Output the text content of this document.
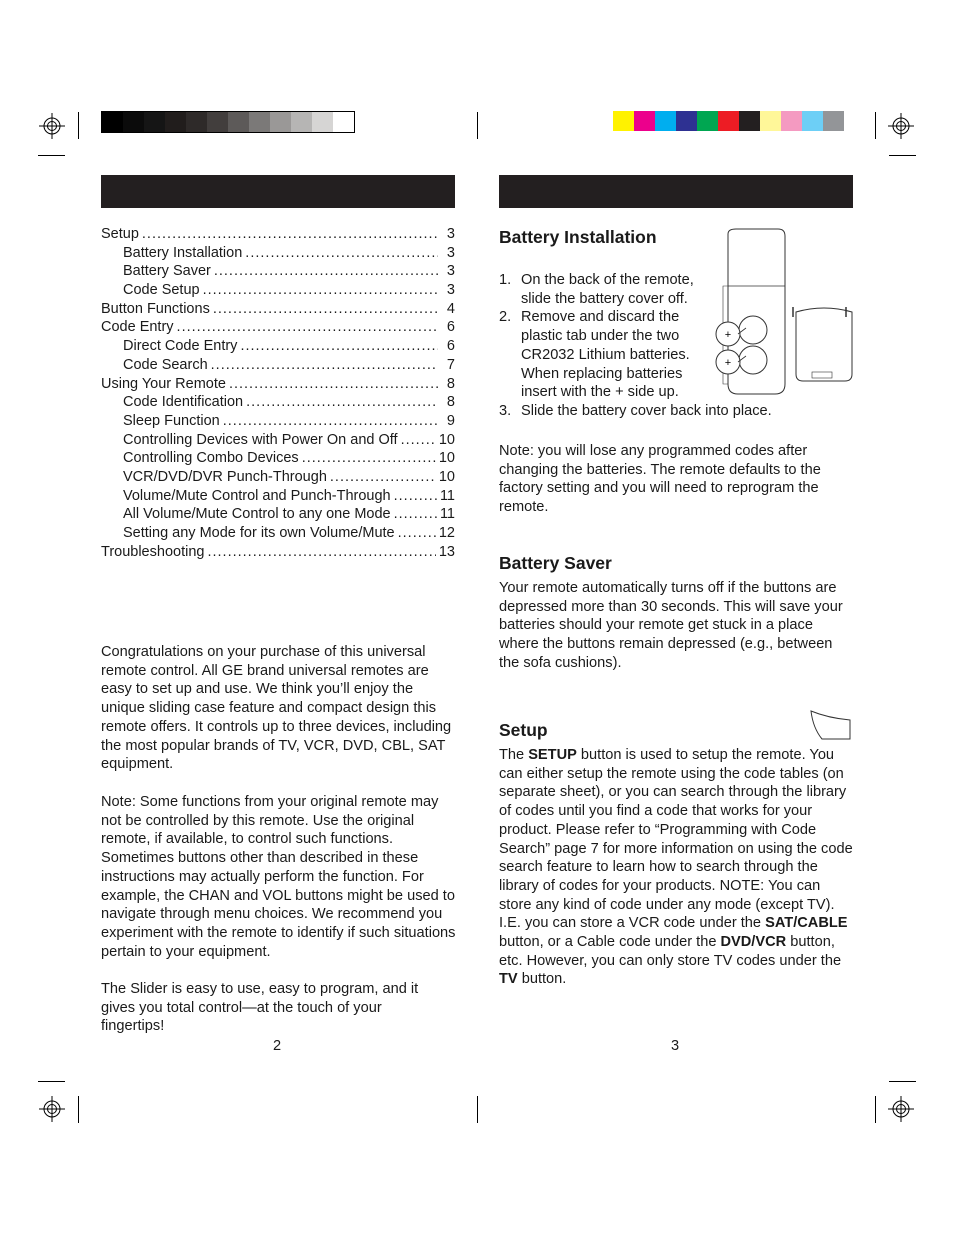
Setup .....	3
Battery Installation .....	3
Battery Saver .....	3
Code Setup .....	3
Button Functions .....	4
Code Entry .....	6
Direct Code Entry .....	6
Code Search .....	7
Using Your Remote .....	8
Code Identification .....	8
Sleep Function .....	9
Controlling Devices with Power On and Off .....	10
Controlling Combo Devices .....	10
VCR/DVD/DVR Punch-Through .....	10
Volume/Mute Control and Punch-Through .....	11
All Volume/Mute Control to any one Mode .....	11
Setting any Mode for its own Volume/Mute .....	12
Troubleshooting .....	13
Congratulations on your purchase of this universal remote control. All GE brand universal remotes are easy to set up and use. We think you’ll enjoy the unique sliding case feature and compact design this remote offers. It controls up to three devices, including the most popular brands of TV, VCR, DVD, CBL, SAT equipment.
Note: Some functions from your original remote may not be controlled by this remote. Use the original remote, if available, to control such functions. Sometimes buttons other than described in these instructions may actually perform the function. For example, the CHAN and VOL buttons might be used to navigate through menu choices. We recommend you experiment with the remote to identify if such situations pertain to your equipment.
The Slider is easy to use, easy to program, and it gives you total control—at the touch of your fingertips!
2
Battery Installation
1. On the back of the remote, slide the battery cover off.
2. Remove and discard the plastic tab under the two CR2032 Lithium batteries. When replacing batteries insert with the + side up.
3. Slide the battery cover back into place.
+
+
Note: you will lose any programmed codes after changing the batteries. The remote defaults to the factory setting and you will need to reprogram the remote.
Battery Saver
Your remote automatically turns off if the buttons are depressed more than 30 seconds. This will save your batteries should your remote get stuck in a place where the buttons remain depressed (e.g., between the sofa cushions).
Setup
The SETUP button is used to setup the remote. You can either setup the remote using the code tables (on separate sheet), or you can search through the library of codes until you find a code that works for your product. Please refer to “Programming with Code Search” page 7 for more information on using the code search feature to learn how to search through the library of codes for your products. NOTE: You can store any kind of code under any mode (except TV). I.E. you can store a VCR code under the SAT/CABLE button, or a Cable code under the DVD/VCR button, etc. However, you can only store TV codes under the TV button.
3
